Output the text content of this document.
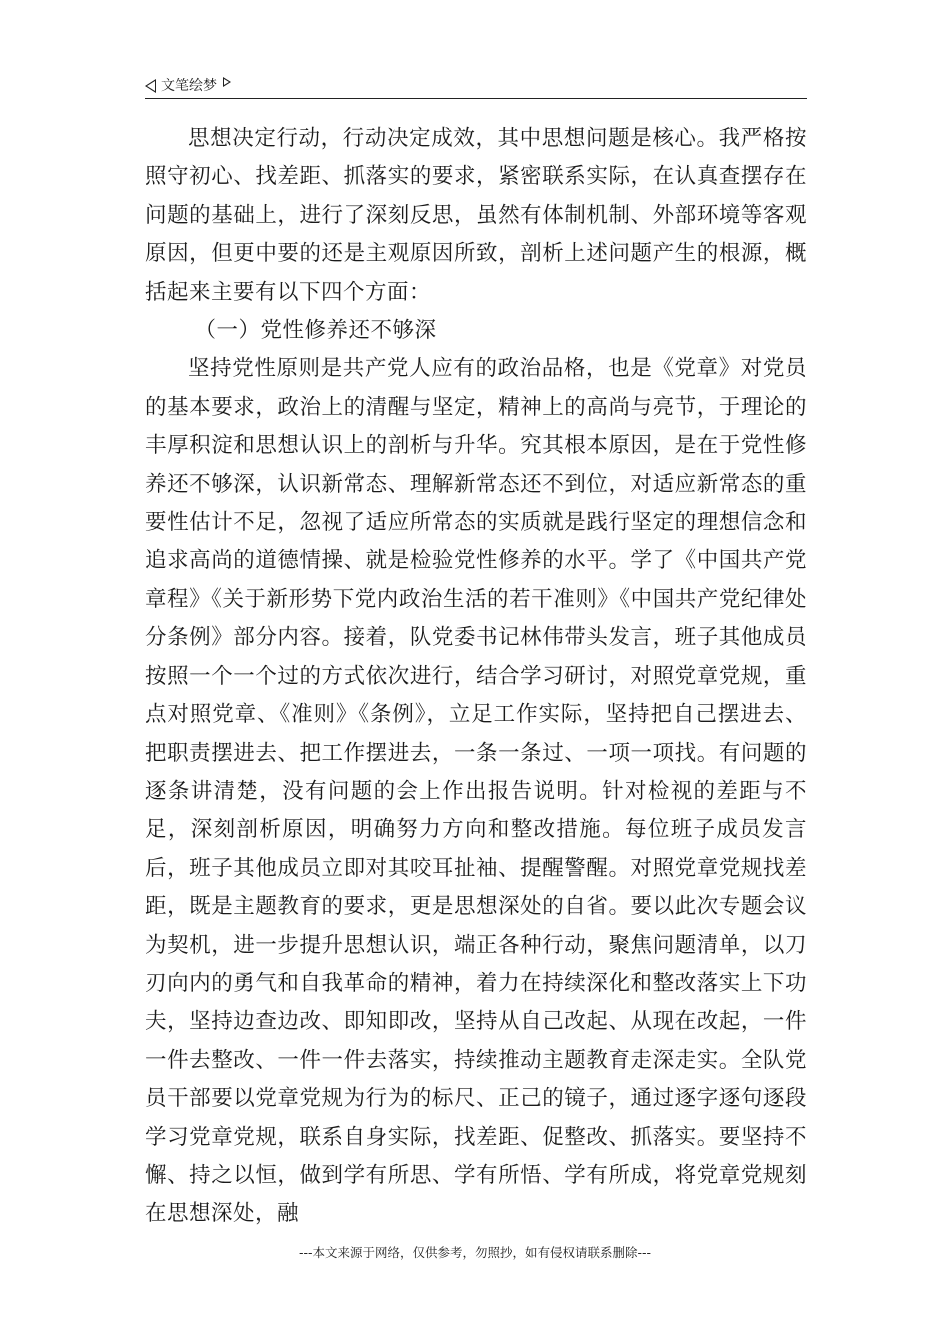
文笔绘梦

思想决定行动，行动决定成效，其中思想问题是核心。我严格按照守初心、找差距、抓落实的要求，紧密联系实际，在认真查摆存在问题的基础上，进行了深刻反思，虽然有体制机制、外部环境等客观原因，但更中要的还是主观原因所致，剖析上述问题产生的根源，概括起来主要有以下四个方面：

（一）党性修养还不够深

坚持党性原则是共产党人应有的政治品格，也是《党章》对党员的基本要求，政治上的清醒与坚定，精神上的高尚与亮节，于理论的丰厚积淀和思想认识上的剖析与升华。究其根本原因，是在于党性修养还不够深，认识新常态、理解新常态还不到位，对适应新常态的重要性估计不足，忽视了适应所常态的实质就是践行坚定的理想信念和追求高尚的道德情操、就是检验党性修养的水平。学了《中国共产党章程》《关于新形势下党内政治生活的若干准则》《中国共产党纪律处分条例》部分内容。接着，队党委书记林伟带头发言，班子其他成员按照一个一个过的方式依次进行，结合学习研讨，对照党章党规，重点对照党章、《准则》《条例》，立足工作实际，坚持把自己摆进去、把职责摆进去、把工作摆进去，一条一条过、一项一项找。有问题的逐条讲清楚，没有问题的会上作出报告说明。针对检视的差距与不足，深刻剖析原因，明确努力方向和整改措施。每位班子成员发言后，班子其他成员立即对其咬耳扯袖、提醒警醒。对照党章党规找差距，既是主题教育的要求，更是思想深处的自省。要以此次专题会议为契机，进一步提升思想认识，端正各种行动，聚焦问题清单，以刀刃向内的勇气和自我革命的精神，着力在持续深化和整改落实上下功夫，坚持边查边改、即知即改，坚持从自己改起、从现在改起，一件一件去整改、一件一件去落实，持续推动主题教育走深走实。全队党员干部要以党章党规为行为的标尺、正己的镜子，通过逐字逐句逐段学习党章党规，联系自身实际，找差距、促整改、抓落实。要坚持不懈、持之以恒，做到学有所思、学有所悟、学有所成，将党章党规刻在思想深处，融

---本文来源于网络，仅供参考，勿照抄，如有侵权请联系删除---
